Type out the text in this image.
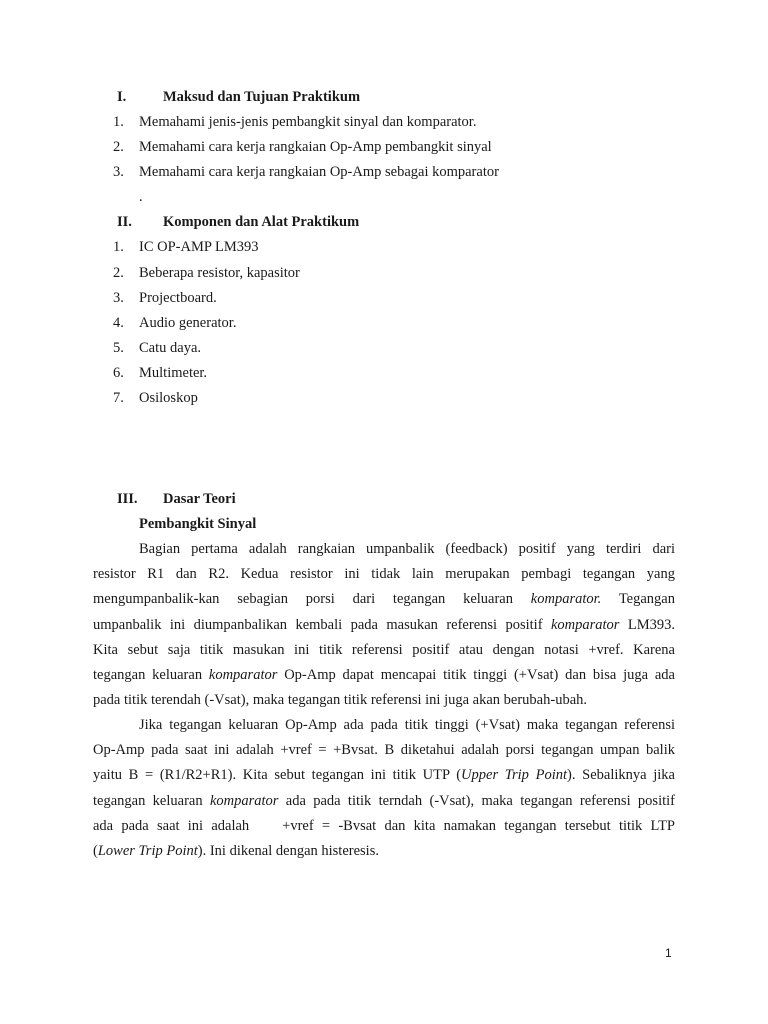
I.	Maksud dan Tujuan Praktikum
1. Memahami jenis-jenis pembangkit sinyal dan komparator.
2. Memahami cara kerja rangkaian Op-Amp pembangkit sinyal
3. Memahami cara kerja rangkaian Op-Amp sebagai komparator
.
II. Komponen dan Alat Praktikum
1. IC OP-AMP LM393
2. Beberapa resistor, kapasitor
3. Projectboard.
4. Audio generator.
5. Catu daya.
6. Multimeter.
7. Osiloskop
III. Dasar Teori
Pembangkit Sinyal
Bagian pertama adalah rangkaian umpanbalik (feedback) positif yang terdiri dari
resistor R1 dan R2. Kedua resistor ini tidak lain merupakan pembagi tegangan yang
mengumpanbalik-kan sebagian porsi dari tegangan keluaran komparator. Tegangan
umpanbalik ini diumpanbalikan kembali pada masukan referensi positif komparator LM393.
Kita sebut saja titik masukan ini titik referensi positif atau dengan notasi +vref. Karena
tegangan keluaran komparator Op-Amp dapat mencapai titik tinggi (+Vsat) dan bisa juga ada
pada titik terendah (-Vsat), maka tegangan titik referensi ini juga akan berubah-ubah.
Jika tegangan keluaran Op-Amp ada pada titik tinggi (+Vsat) maka tegangan referensi
Op-Amp pada saat ini adalah +vref = +Bvsat. B diketahui adalah porsi tegangan umpan balik
yaitu B = (R1/R2+R1). Kita sebut tegangan ini titik UTP (Upper Trip Point). Sebaliknya jika
tegangan keluaran komparator ada pada titik terndah (-Vsat), maka tegangan referensi positif
ada pada saat ini adalah    +vref = -Bvsat dan kita namakan tegangan tersebut titik LTP
(Lower Trip Point). Ini dikenal dengan histeresis.
1
